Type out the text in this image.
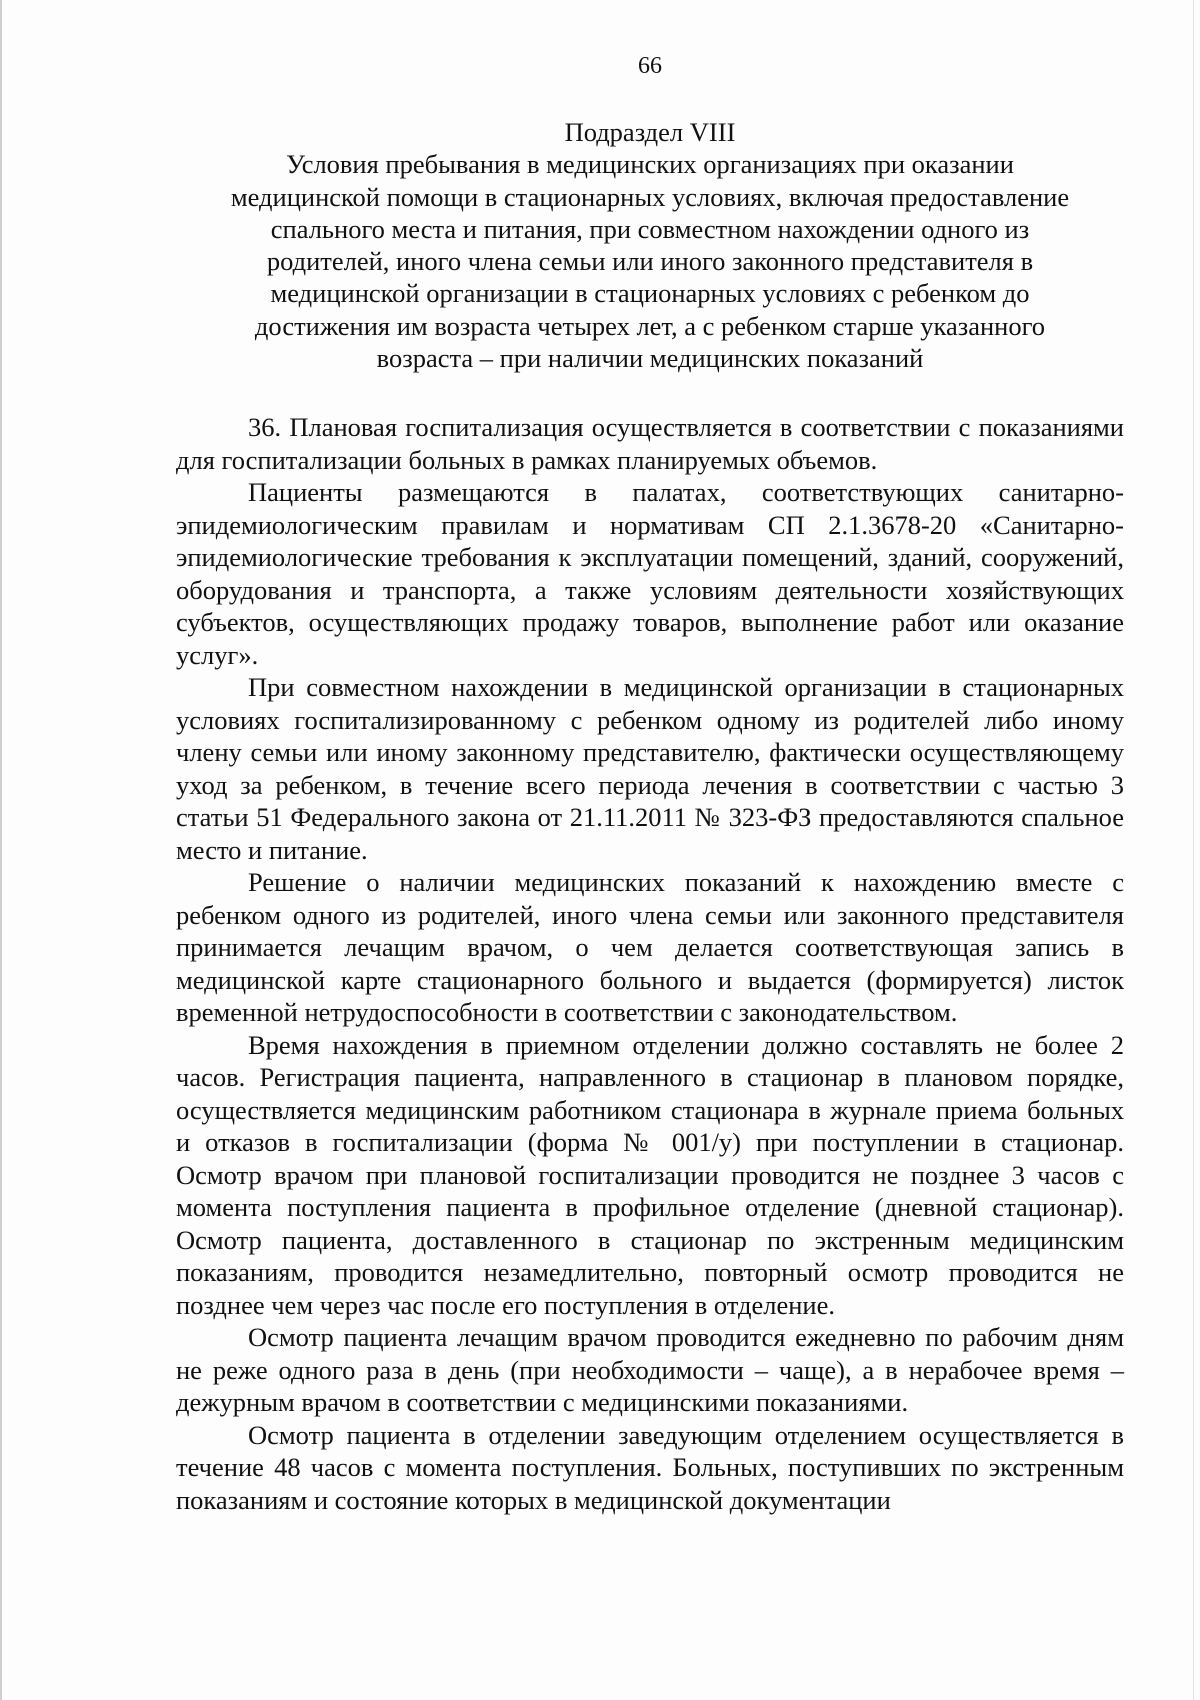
66
Подраздел VIII
Условия пребывания в медицинских организациях при оказании
медицинской помощи в стационарных условиях, включая предоставление
спального места и питания, при совместном нахождении одного из
родителей, иного члена семьи или иного законного представителя в
медицинской организации в стационарных условиях с ребенком до
достижения им возраста четырех лет, а с ребенком старше указанного
возраста – при наличии медицинских показаний

36. Плановая госпитализация осуществляется в соответствии с показаниями для госпитализации больных в рамках планируемых объемов.

Пациенты размещаются в палатах, соответствующих санитарно-эпидемиологическим правилам и нормативам СП 2.1.3678-20 «Санитарно-эпидемиологические требования к эксплуатации помещений, зданий, сооружений, оборудования и транспорта, а также условиям деятельности хозяйствующих субъектов, осуществляющих продажу товаров, выполнение работ или оказание услуг».

При совместном нахождении в медицинской организации в стационарных условиях госпитализированному с ребенком одному из родителей либо иному члену семьи или иному законному представителю, фактически осуществляющему уход за ребенком, в течение всего периода лечения в соответствии с частью 3 статьи 51 Федерального закона от 21.11.2011 № 323-ФЗ предоставляются спальное место и питание.

Решение о наличии медицинских показаний к нахождению вместе с ребенком одного из родителей, иного члена семьи или законного представителя принимается лечащим врачом, о чем делается соответствующая запись в медицинской карте стационарного больного и выдается (формируется) листок временной нетрудоспособности в соответствии с законодательством.

Время нахождения в приемном отделении должно составлять не более 2 часов. Регистрация пациента, направленного в стационар в плановом порядке, осуществляется медицинским работником стационара в журнале приема больных и отказов в госпитализации (форма № 001/у) при поступлении в стационар. Осмотр врачом при плановой госпитализации проводится не позднее 3 часов с момента поступления пациента в профильное отделение (дневной стационар). Осмотр пациента, доставленного в стационар по экстренным медицинским показаниям, проводится незамедлительно, повторный осмотр проводится не позднее чем через час после его поступления в отделение.

Осмотр пациента лечащим врачом проводится ежедневно по рабочим дням не реже одного раза в день (при необходимости – чаще), а в нерабочее время – дежурным врачом в соответствии с медицинскими показаниями.

Осмотр пациента в отделении заведующим отделением осуществляется в течение 48 часов с момента поступления. Больных, поступивших по экстренным показаниям и состояние которых в медицинской документации
